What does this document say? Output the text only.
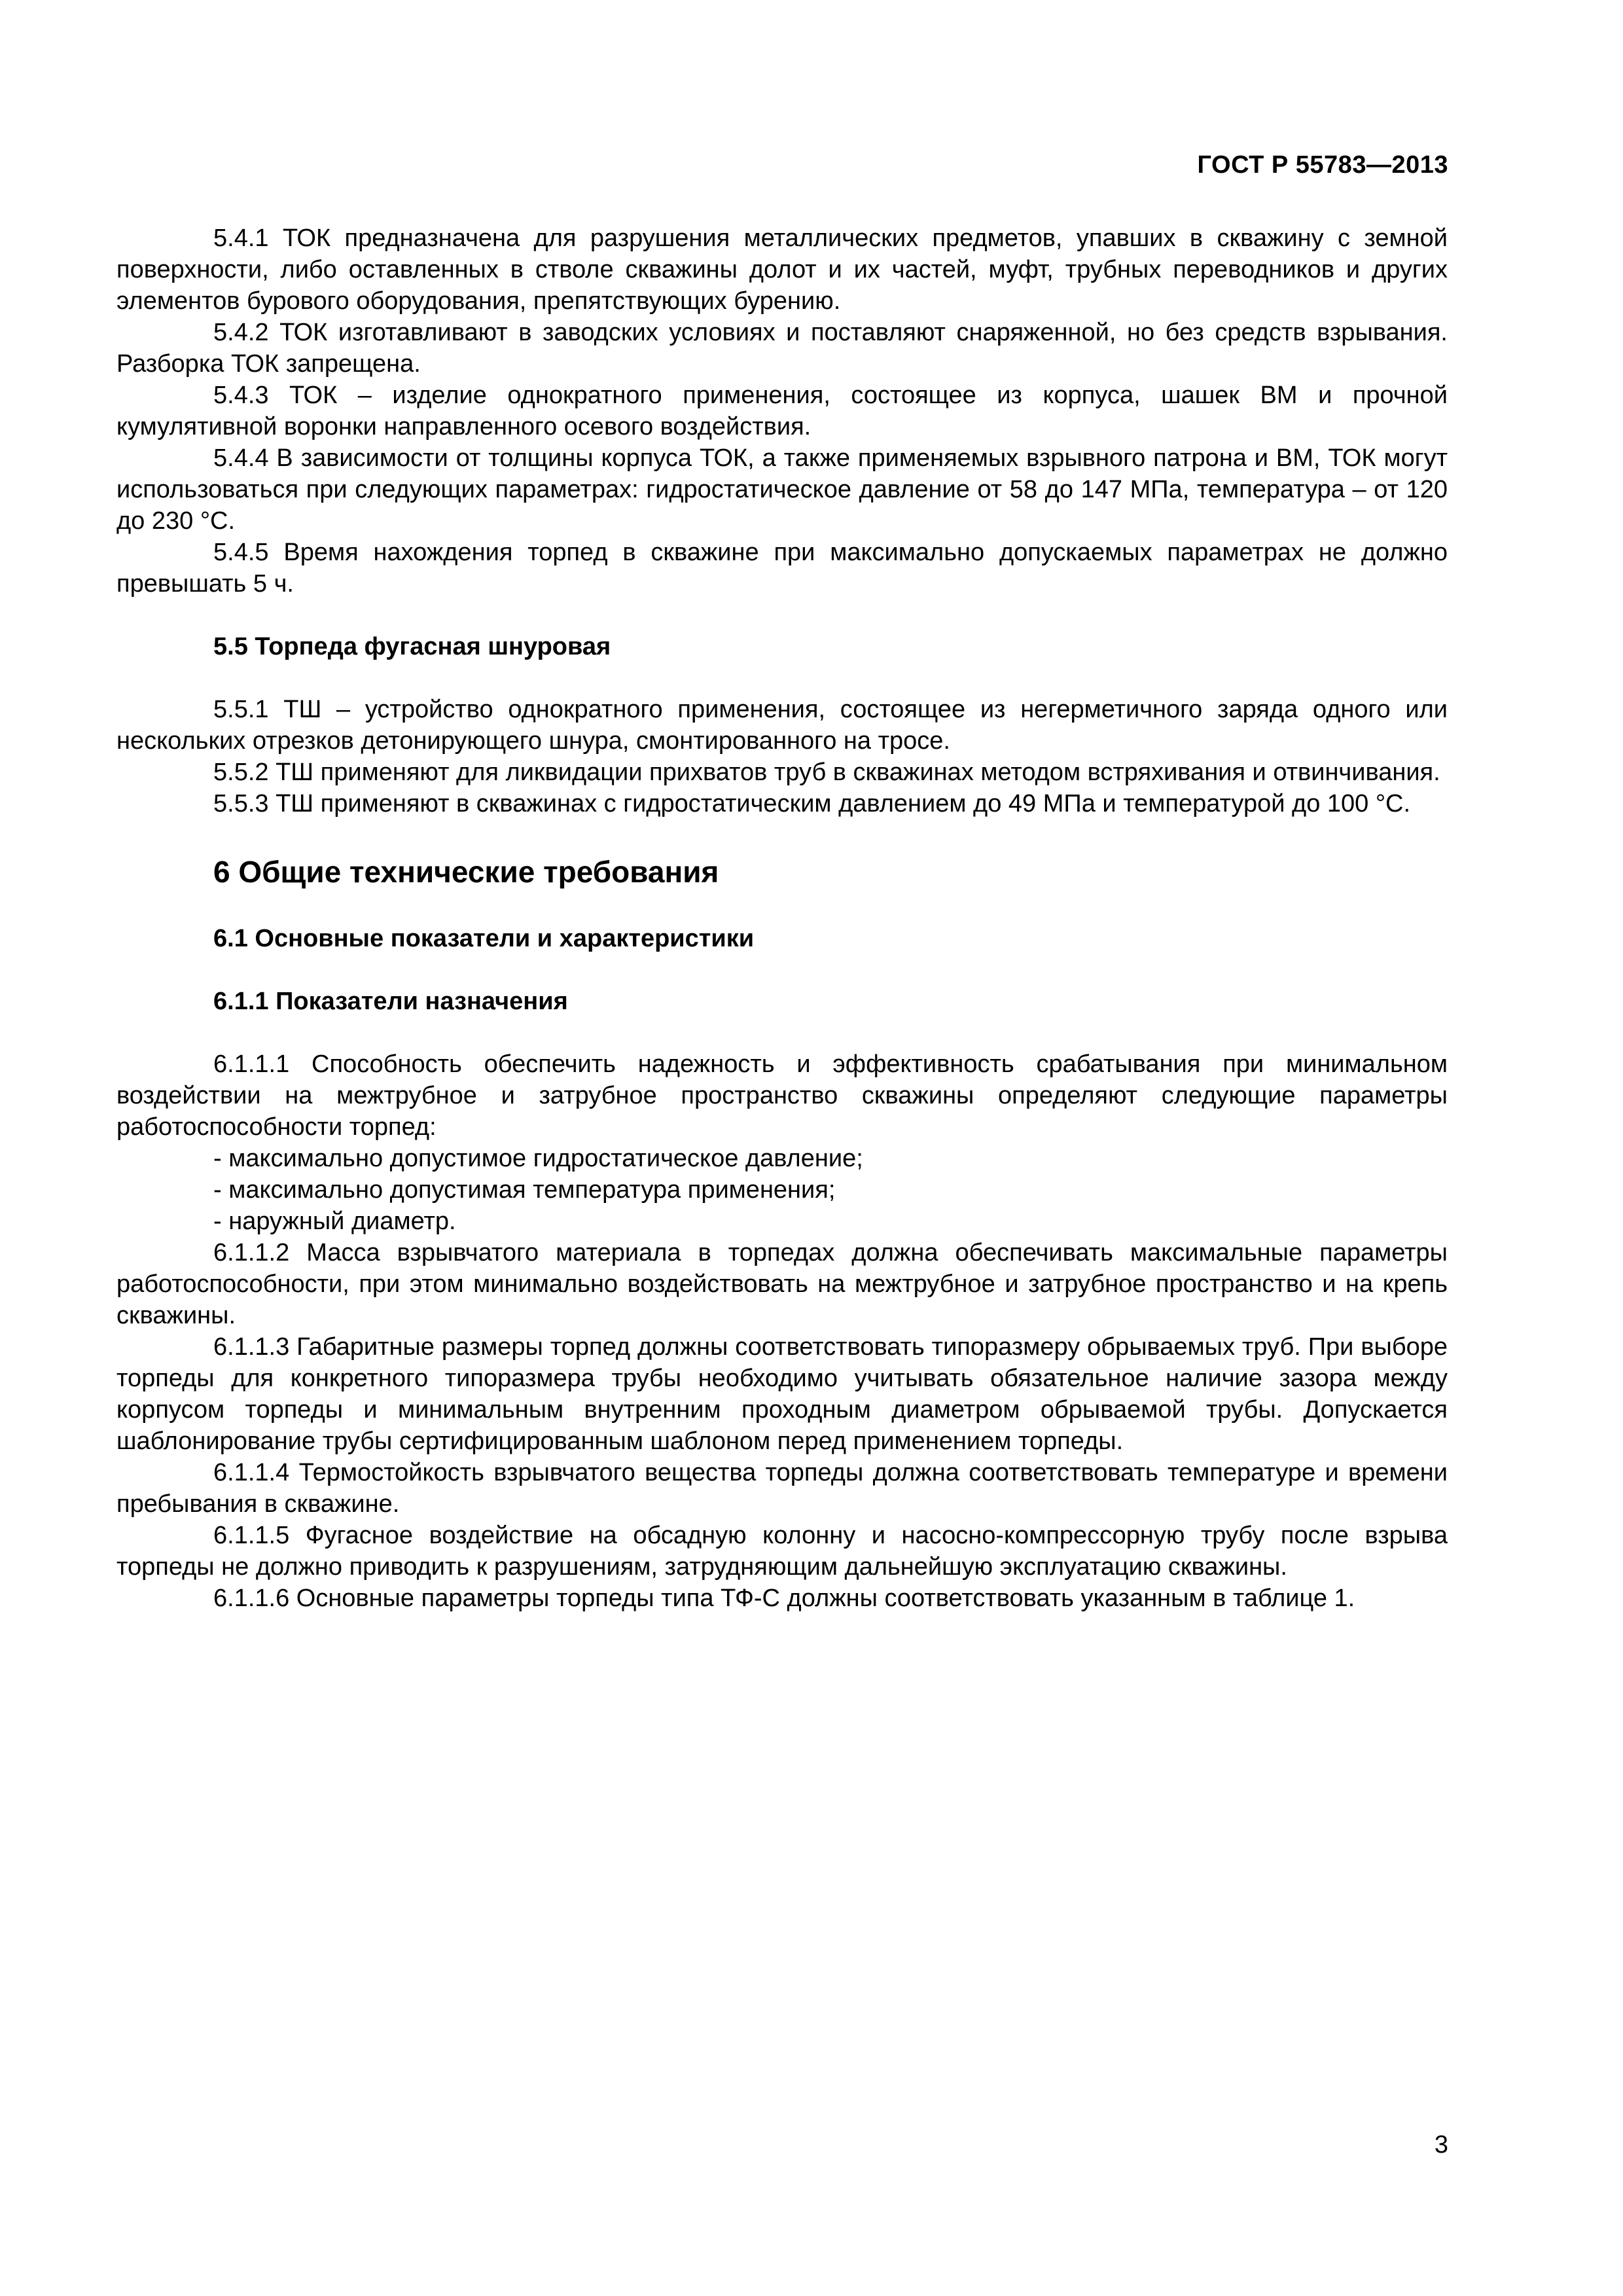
ГОСТ Р 55783—2013

5.4.1 ТОК предназначена для разрушения металлических предметов, упавших в скважину с земной поверхности, либо оставленных в стволе скважины долот и их частей, муфт, трубных переводников и других элементов бурового оборудования, препятствующих бурению.

5.4.2 ТОК изготавливают в заводских условиях и поставляют снаряженной, но без средств взрывания. Разборка ТОК запрещена.

5.4.3 ТОК – изделие однократного применения, состоящее из корпуса, шашек ВМ и прочной кумулятивной воронки направленного осевого воздействия.

5.4.4 В зависимости от толщины корпуса ТОК, а также применяемых взрывного патрона и ВМ, ТОК могут использоваться при следующих параметрах: гидростатическое давление от 58 до 147 МПа, температура – от 120 до 230 °С.

5.4.5 Время нахождения торпед в скважине при максимально допускаемых параметрах не должно превышать 5 ч.

5.5 Торпеда фугасная шнуровая

5.5.1 ТШ – устройство однократного применения, состоящее из негерметичного заряда одного или нескольких отрезков детонирующего шнура, смонтированного на тросе.

5.5.2 ТШ применяют для ликвидации прихватов труб в скважинах методом встряхивания и отвинчивания.

5.5.3 ТШ применяют в скважинах с гидростатическим давлением до 49 МПа и температурой до 100 °С.

6 Общие технические требования

6.1 Основные показатели и характеристики

6.1.1 Показатели назначения

6.1.1.1 Способность обеспечить надежность и эффективность срабатывания при минимальном воздействии на межтрубное и затрубное пространство скважины определяют следующие параметры работоспособности торпед:

- максимально допустимое гидростатическое давление;

- максимально допустимая температура применения;

- наружный диаметр.

6.1.1.2 Масса взрывчатого материала в торпедах должна обеспечивать максимальные параметры работоспособности, при этом минимально воздействовать на межтрубное и затрубное пространство и на крепь скважины.

6.1.1.3 Габаритные размеры торпед должны соответствовать типоразмеру обрываемых труб. При выборе торпеды для конкретного типоразмера трубы необходимо учитывать обязательное наличие зазора между корпусом торпеды и минимальным внутренним проходным диаметром обрываемой трубы. Допускается шаблонирование трубы сертифицированным шаблоном перед применением торпеды.

6.1.1.4 Термостойкость взрывчатого вещества торпеды должна соответствовать температуре и времени пребывания в скважине.

6.1.1.5 Фугасное воздействие на обсадную колонну и насосно-компрессорную трубу после взрыва торпеды не должно приводить к разрушениям, затрудняющим дальнейшую эксплуатацию скважины.

6.1.1.6 Основные параметры торпеды типа ТФ-С должны соответствовать указанным в таблице 1.

3
